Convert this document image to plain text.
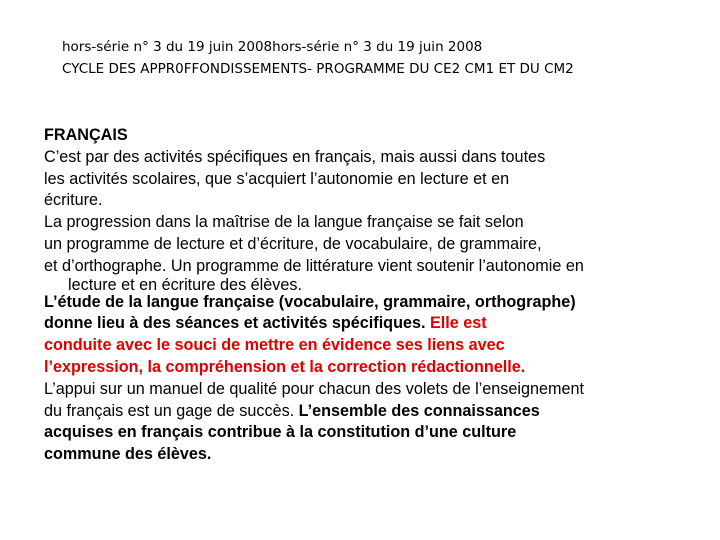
hors-série n° 3 du 19 juin 2008hors-série n° 3 du 19 juin 2008
CYCLE DES APPR0FFONDISSEMENTS- PROGRAMME DU CE2 CM1 ET DU CM2

FRANÇAIS

C’est par des activités spécifiques en français, mais aussi dans toutes

les activités scolaires, que s’acquiert l’autonomie en lecture et en

écriture.

La progression dans la maîtrise de la langue française se fait selon

un programme de lecture et d’écriture, de vocabulaire, de grammaire,

et d’orthographe. Un programme de littérature vient soutenir l’autonomie en

lecture et en écriture des élèves.

L’étude de la langue française (vocabulaire, grammaire, orthographe)

donne lieu à des séances et activités spécifiques. Elle est

conduite avec le souci de mettre en évidence ses liens avec

l’expression, la compréhension et la correction rédactionnelle.

L’appui sur un manuel de qualité pour chacun des volets de l’enseignement

du français est un gage de succès. L’ensemble des connaissances

acquises en français contribue à la constitution d’une culture

commune des élèves.
